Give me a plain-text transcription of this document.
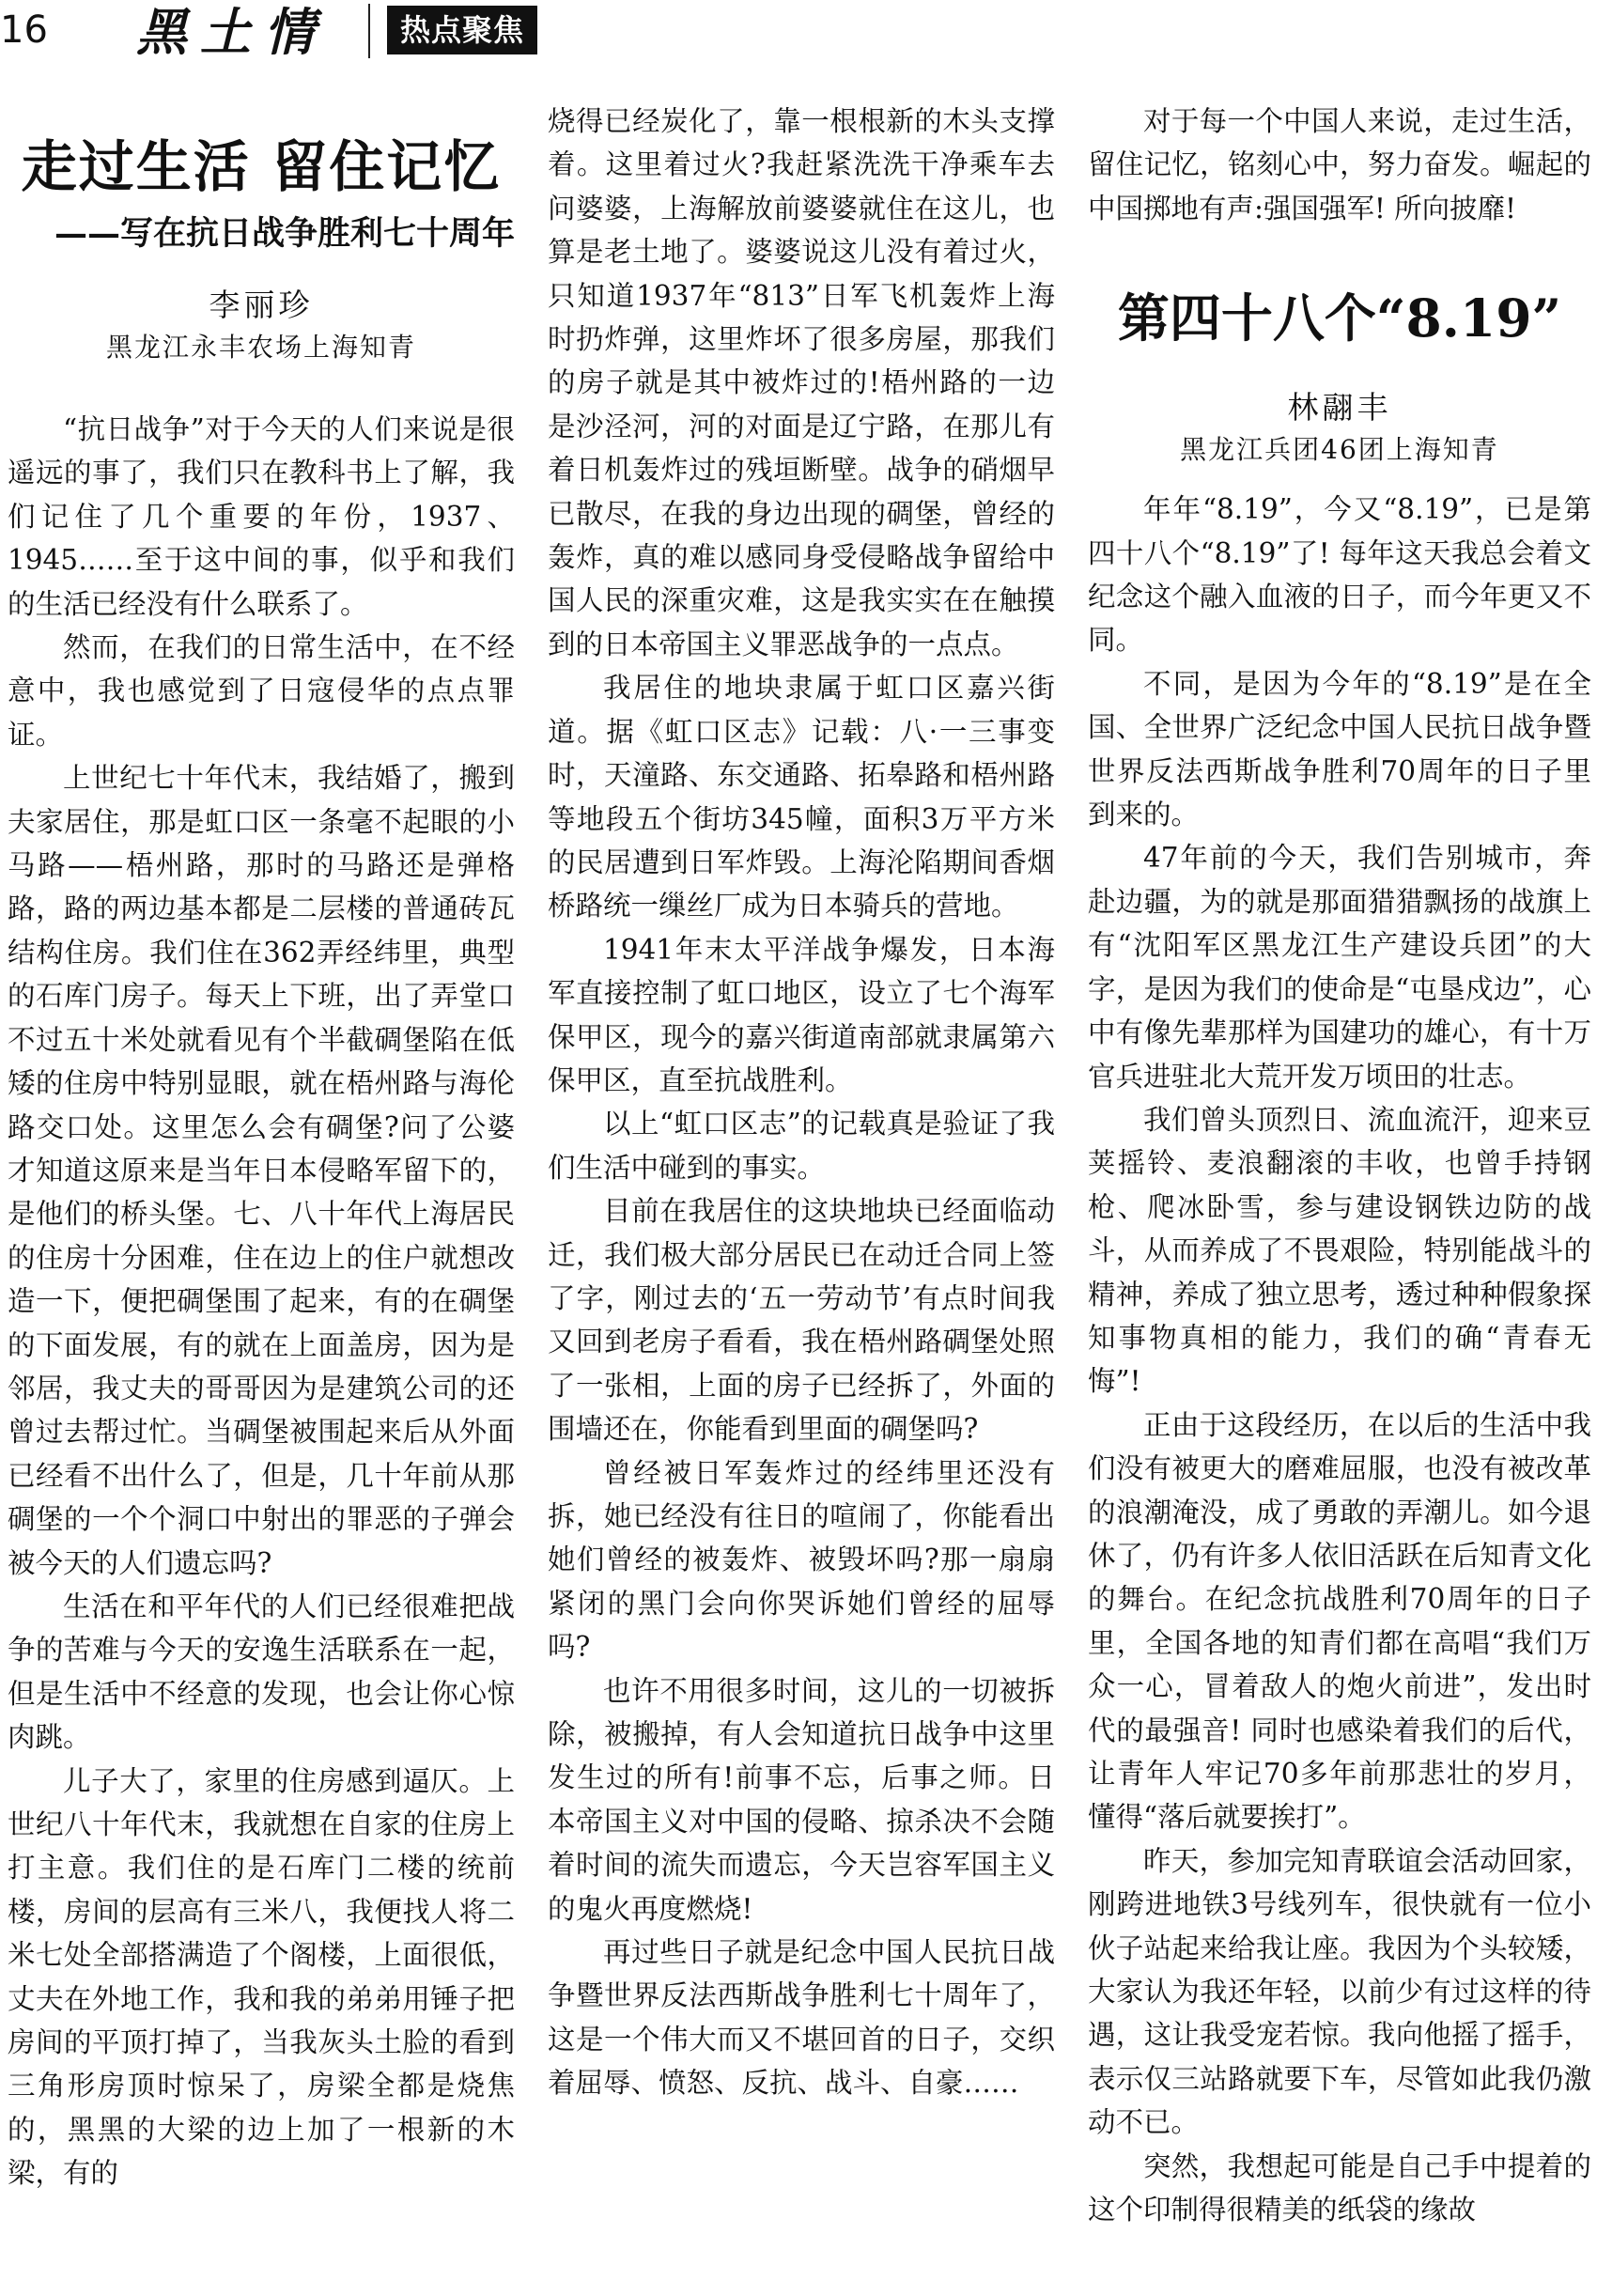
16 黑土情	热点聚焦
走过生活 留住记忆
——写在抗日战争胜利七十周年
李丽珍
黑龙江永丰农场上海知青

“抗日战争”对于今天的人们来说是很遥远的事了，我们只在教科书上了解，我们记住了几个重要的年份，1937、1945……至于这中间的事，似乎和我们的生活已经没有什么联系了。

然而，在我们的日常生活中，在不经意中，我也感觉到了日寇侵华的点点罪证。

上世纪七十年代末，我结婚了，搬到夫家居住，那是虹口区一条毫不起眼的小马路——梧州路，那时的马路还是弹格路，路的两边基本都是二层楼的普通砖瓦结构住房。我们住在362弄经纬里，典型的石库门房子。每天上下班，出了弄堂口不过五十米处就看见有个半截碉堡陷在低矮的住房中特别显眼，就在梧州路与海伦路交口处。这里怎么会有碉堡?问了公婆才知道这原来是当年日本侵略军留下的，是他们的桥头堡。七、八十年代上海居民的住房十分困难，住在边上的住户就想改造一下，便把碉堡围了起来，有的在碉堡的下面发展，有的就在上面盖房，因为是邻居，我丈夫的哥哥因为是建筑公司的还曾过去帮过忙。当碉堡被围起来后从外面已经看不出什么了，但是，几十年前从那碉堡的一个个洞口中射出的罪恶的子弹会被今天的人们遗忘吗?

生活在和平年代的人们已经很难把战争的苦难与今天的安逸生活联系在一起，但是生活中不经意的发现，也会让你心惊肉跳。

儿子大了，家里的住房感到逼仄。上世纪八十年代末，我就想在自家的住房上打主意。我们住的是石库门二楼的统前楼，房间的层高有三米八，我便找人将二米七处全部搭满造了个阁楼，上面很低，丈夫在外地工作，我和我的弟弟用锤子把房间的平顶打掉了，当我灰头土脸的看到三角形房顶时惊呆了，房梁全都是烧焦的，黑黑的大梁的边上加了一根新的木梁，有的

烧得已经炭化了，靠一根根新的木头支撑着。这里着过火?我赶紧洗洗干净乘车去问婆婆，上海解放前婆婆就住在这儿，也算是老土地了。婆婆说这儿没有着过火，只知道1937年“813”日军飞机轰炸上海时扔炸弹，这里炸坏了很多房屋，那我们的房子就是其中被炸过的!梧州路的一边是沙泾河，河的对面是辽宁路，在那儿有着日机轰炸过的残垣断壁。战争的硝烟早已散尽，在我的身边出现的碉堡，曾经的轰炸，真的难以感同身受侵略战争留给中国人民的深重灾难，这是我实实在在触摸到的日本帝国主义罪恶战争的一点点。

我居住的地块隶属于虹口区嘉兴街道。据《虹口区志》记载：八·一三事变时，天潼路、东交通路、拓皋路和梧州路等地段五个街坊345幢，面积3万平方米的民居遭到日军炸毁。上海沦陷期间香烟桥路统一缫丝厂成为日本骑兵的营地。

1941年末太平洋战争爆发，日本海军直接控制了虹口地区，设立了七个海军保甲区，现今的嘉兴街道南部就隶属第六保甲区，直至抗战胜利。

以上“虹口区志”的记载真是验证了我们生活中碰到的事实。

目前在我居住的这块地块已经面临动迁，我们极大部分居民已在动迁合同上签了字，刚过去的‘五一劳动节’有点时间我又回到老房子看看，我在梧州路碉堡处照了一张相，上面的房子已经拆了，外面的围墙还在，你能看到里面的碉堡吗?

曾经被日军轰炸过的经纬里还没有拆，她已经没有往日的喧闹了，你能看出她们曾经的被轰炸、被毁坏吗?那一扇扇紧闭的黑门会向你哭诉她们曾经的屈辱吗?

也许不用很多时间，这儿的一切被拆除，被搬掉，有人会知道抗日战争中这里发生过的所有!前事不忘，后事之师。日本帝国主义对中国的侵略、掠杀决不会随着时间的流失而遗忘，今天岂容军国主义的鬼火再度燃烧!

再过些日子就是纪念中国人民抗日战争暨世界反法西斯战争胜利七十周年了，这是一个伟大而又不堪回首的日子，交织着屈辱、愤怒、反抗、战斗、自豪……

对于每一个中国人来说，走过生活，留住记忆，铭刻心中，努力奋发。崛起的中国掷地有声:强国强军! 所向披靡!

第四十八个“8.19”
林翮丰
黑龙江兵团46团上海知青

年年“8.19”，今又“8.19”，已是第四十八个“8.19”了! 每年这天我总会着文纪念这个融入血液的日子，而今年更又不同。

不同，是因为今年的“8.19”是在全国、全世界广泛纪念中国人民抗日战争暨世界反法西斯战争胜利70周年的日子里到来的。

47年前的今天，我们告别城市，奔赴边疆，为的就是那面猎猎飘扬的战旗上有“沈阳军区黑龙江生产建设兵团”的大字，是因为我们的使命是“屯垦戍边”，心中有像先辈那样为国建功的雄心，有十万官兵进驻北大荒开发万顷田的壮志。

我们曾头顶烈日、流血流汗，迎来豆荚摇铃、麦浪翻滚的丰收，也曾手持钢枪、爬冰卧雪，参与建设钢铁边防的战斗，从而养成了不畏艰险，特别能战斗的精神，养成了独立思考，透过种种假象探知事物真相的能力，我们的确“青春无悔”!

正由于这段经历，在以后的生活中我们没有被更大的磨难屈服，也没有被改革的浪潮淹没，成了勇敢的弄潮儿。如今退休了，仍有许多人依旧活跃在后知青文化的舞台。在纪念抗战胜利70周年的日子里，全国各地的知青们都在高唱“我们万众一心，冒着敌人的炮火前进”，发出时代的最强音! 同时也感染着我们的后代，让青年人牢记70多年前那悲壮的岁月，懂得“落后就要挨打”。

昨天，参加完知青联谊会活动回家，刚跨进地铁3号线列车，很快就有一位小伙子站起来给我让座。我因为个头较矮，大家认为我还年轻，以前少有过这样的待遇，这让我受宠若惊。我向他摇了摇手，表示仅三站路就要下车，尽管如此我仍激动不已。

突然，我想起可能是自己手中提着的这个印制得很精美的纸袋的缘故
